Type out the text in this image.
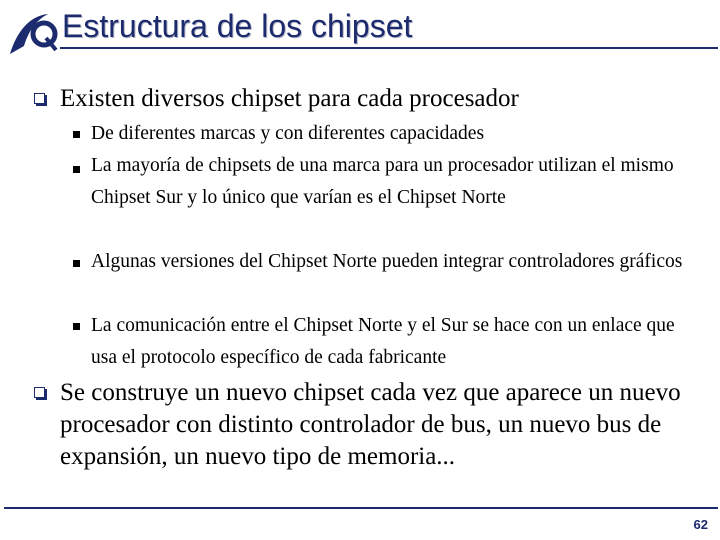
Estructura de los chipset
Existen diversos chipset para cada procesador
De diferentes marcas y con diferentes capacidades
La mayoría de chipsets de una marca para un procesador utilizan el mismo Chipset Sur y lo único que varían es el Chipset Norte
Algunas versiones del Chipset Norte pueden integrar controladores gráficos
La comunicación entre el Chipset Norte y el Sur se hace con un enlace que usa el protocolo específico de cada fabricante
Se construye un nuevo chipset cada vez que aparece un nuevo procesador con distinto controlador de bus, un nuevo bus de expansión, un nuevo tipo de memoria...
62
